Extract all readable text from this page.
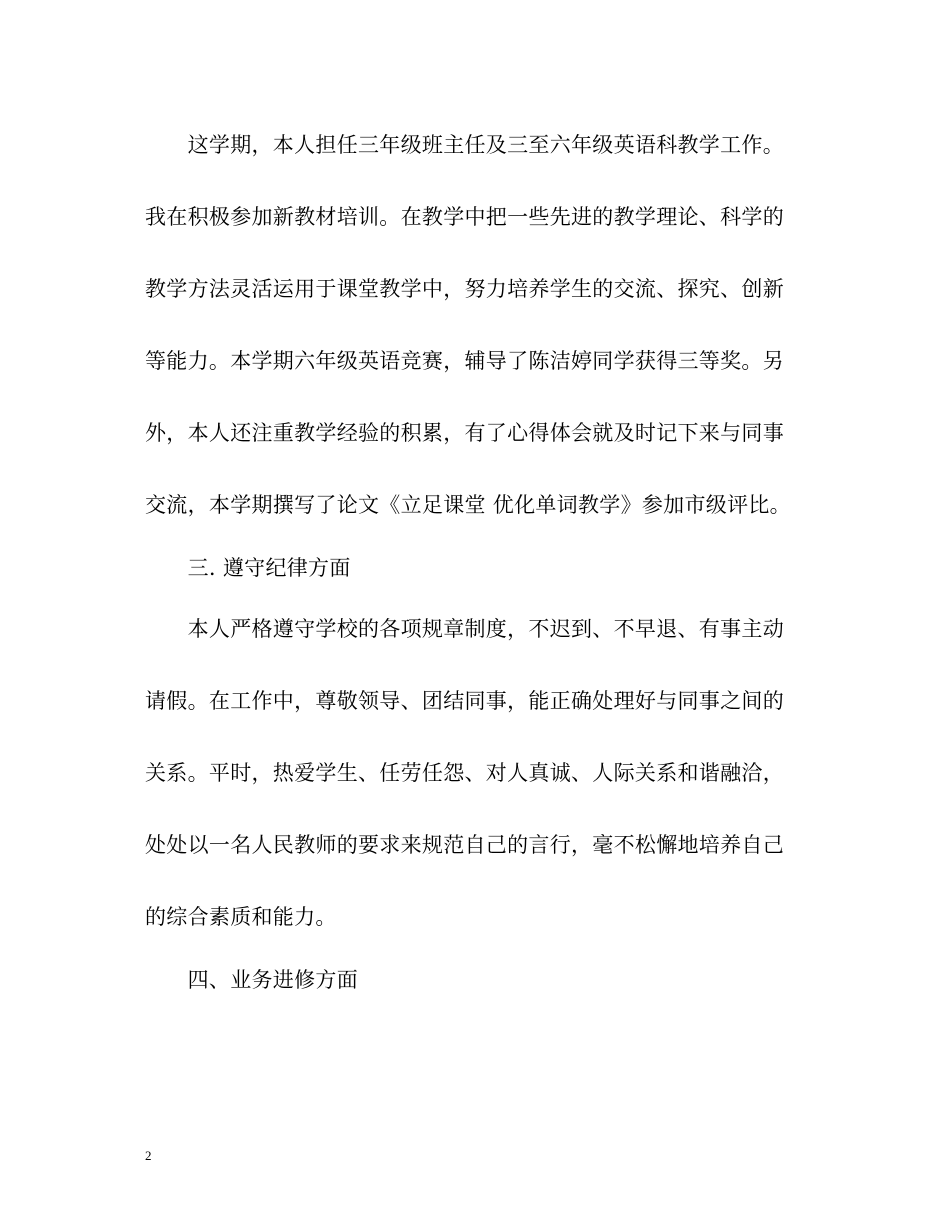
　　这学期，本人担任三年级班主任及三至六年级英语科教学工作。
我在积极参加新教材培训。在教学中把一些先进的教学理论、科学的
教学方法灵活运用于课堂教学中，努力培养学生的交流、探究、创新
等能力。本学期六年级英语竞赛，辅导了陈洁婷同学获得三等奖。另
外，本人还注重教学经验的积累，有了心得体会就及时记下来与同事
交流，本学期撰写了论文《立足课堂 优化单词教学》参加市级评比。
　　三. 遵守纪律方面
　　本人严格遵守学校的各项规章制度，不迟到、不早退、有事主动
请假。在工作中，尊敬领导、团结同事，能正确处理好与同事之间的
关系。平时，热爱学生、任劳任怨、对人真诚、人际关系和谐融洽，
处处以一名人民教师的要求来规范自己的言行，毫不松懈地培养自己
的综合素质和能力。
　　四、业务进修方面
2
